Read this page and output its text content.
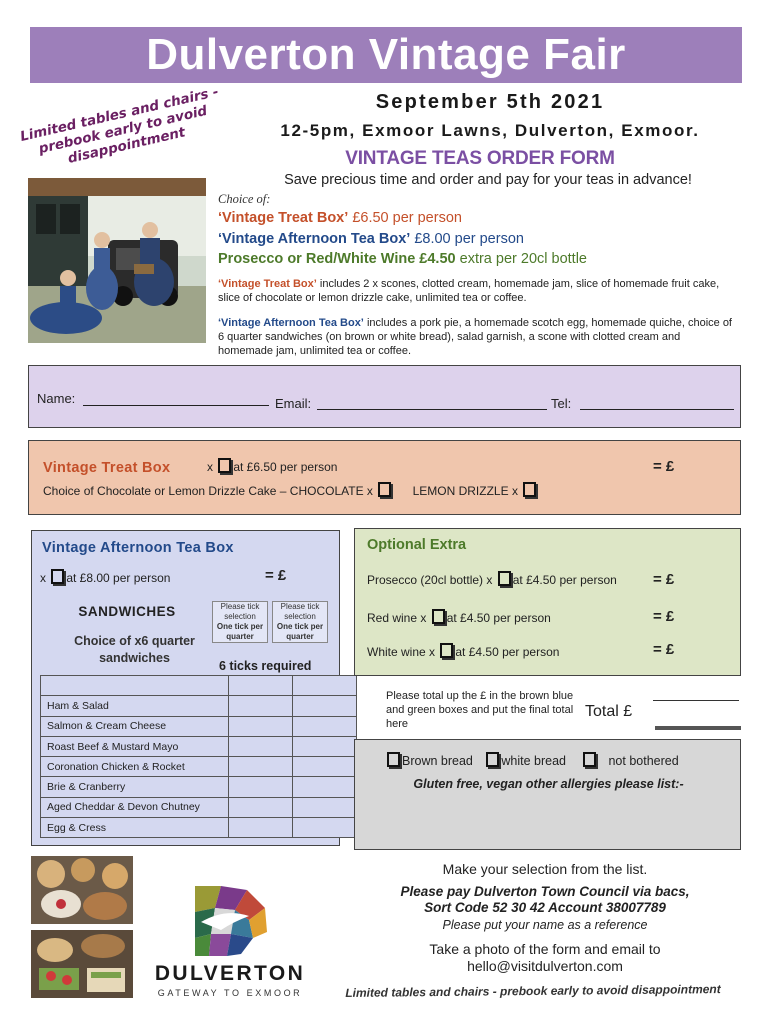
Dulverton Vintage Fair
Limited tables and chairs - prebook early to avoid disappointment
September 5th 2021
12-5pm, Exmoor Lawns, Dulverton, Exmoor.
VINTAGE TEAS ORDER FORM
Save precious time and order and pay for your teas in advance!
Choice of:
‘Vintage Treat Box’ £6.50 per person
‘Vintage Afternoon Tea Box’ £8.00 per person
Prosecco or Red/White Wine £4.50 extra per 20cl bottle
‘Vintage Treat Box’ includes 2 x scones, clotted cream, homemade jam, slice of homemade fruit cake, slice of chocolate or lemon drizzle cake, unlimited tea or coffee.
‘Vintage Afternoon Tea Box’ includes a pork pie, a homemade scotch egg, homemade quiche, choice of 6 quarter sandwiches (on brown or white bread), salad garnish, a scone with clotted cream and homemade jam, unlimited tea or coffee.
Name:	Email:	Tel:
Vintage Treat Box	x at £6.50 per person	= £
Choice of Chocolate or Lemon Drizzle Cake – CHOCOLATE x	LEMON DRIZZLE x
Vintage Afternoon Tea Box
x at £8.00 per person	= £
SANDWICHES
Choice of x6 quarter sandwiches
Please tick selection
One tick per quarter
Please tick selection
One tick per quarter
6 ticks required

Ham & Salad		
Salmon & Cream Cheese		
Roast Beef & Mustard Mayo		
Coronation Chicken & Rocket		
Brie & Cranberry		
Aged Cheddar & Devon Chutney		
Egg & Cress		
Optional Extra
Prosecco (20cl bottle) x at £4.50 per person = £
Red wine x at £4.50 per person	= £
White wine x at £4.50 per person	= £
Please total up the £ in the brown blue and green boxes and put the final total here
Total £
Brown bread white bread	not bothered
Gluten free, vegan other allergies please list:-
DULVERTON
GATEWAY TO EXMOOR
Make your selection from the list.
Please pay Dulverton Town Council via bacs,
Sort Code 52 30 42 Account 38007789
Please put your name as a reference
Take a photo of the form and email to
hello@visitdulverton.com
Limited tables and chairs - prebook early to avoid disappointment
